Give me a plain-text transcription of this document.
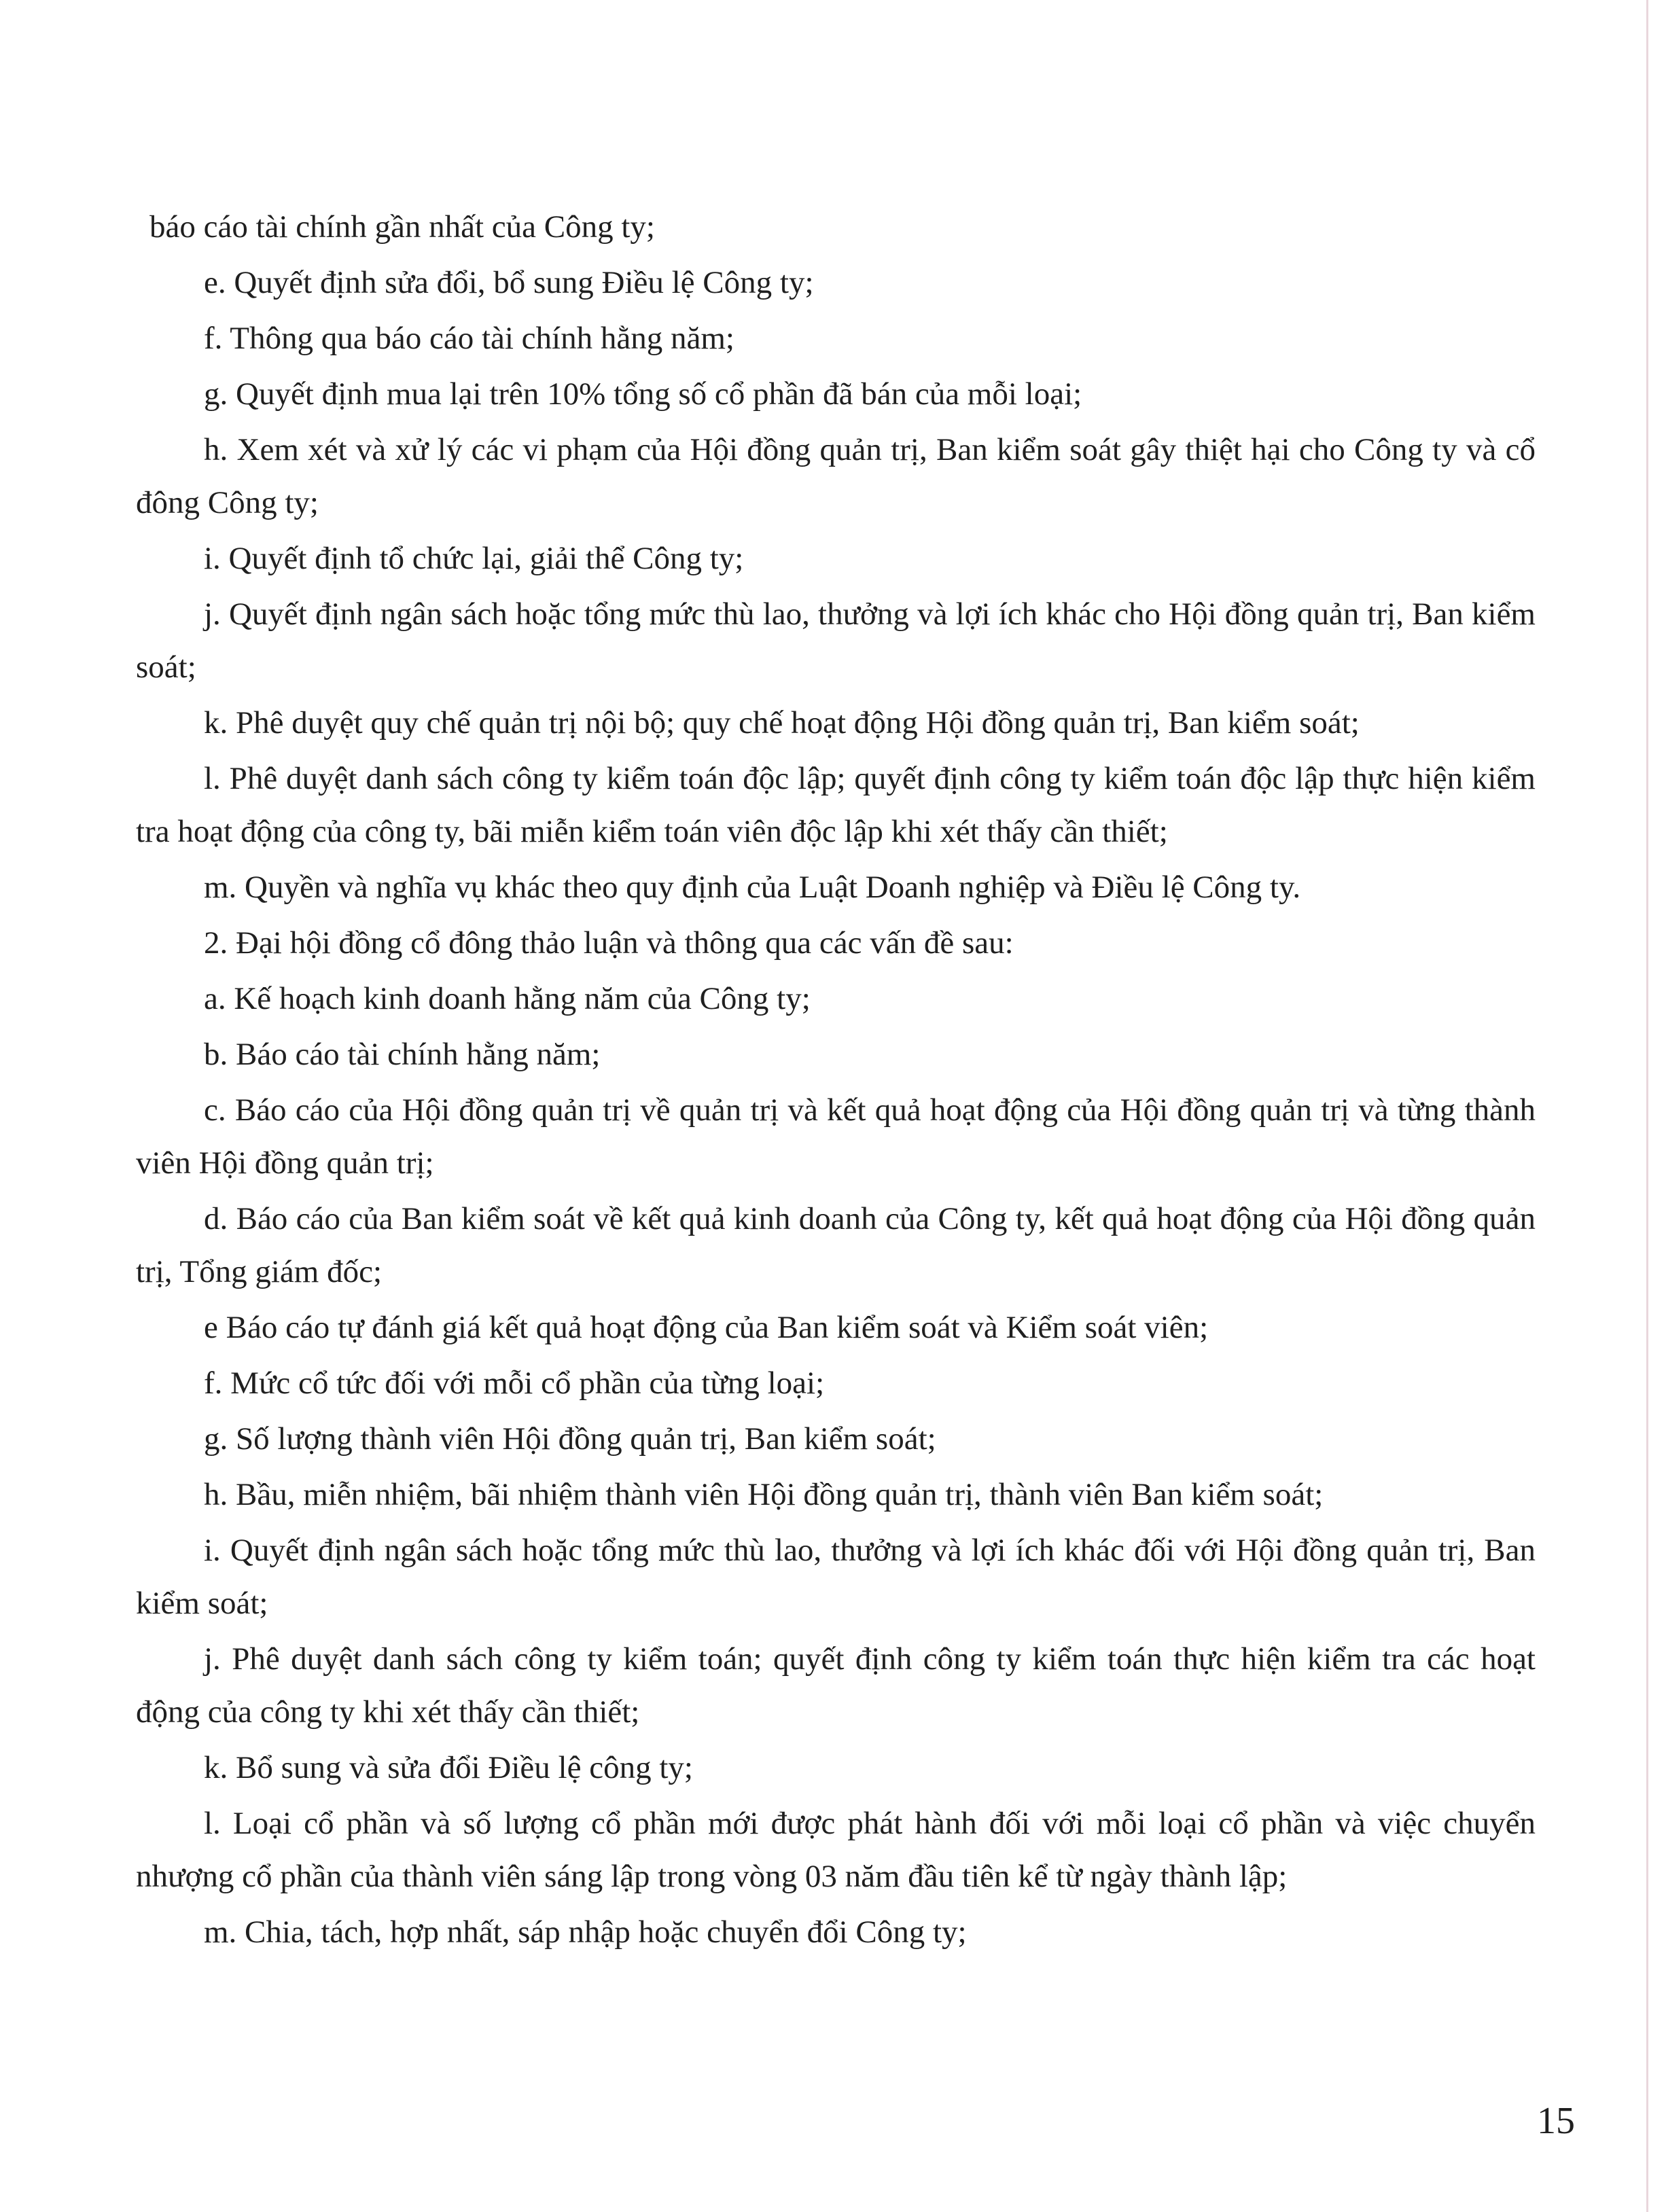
báo cáo tài chính gần nhất của Công ty;

e. Quyết định sửa đổi, bổ sung Điều lệ Công ty;

f. Thông qua báo cáo tài chính hằng năm;

g. Quyết định mua lại trên 10% tổng số cổ phần đã bán của mỗi loại;

h. Xem xét và xử lý các vi phạm của Hội đồng quản trị, Ban kiểm soát gây thiệt hại cho Công ty và cổ đông Công ty;

i. Quyết định tổ chức lại, giải thể Công ty;

j. Quyết định ngân sách hoặc tổng mức thù lao, thưởng và lợi ích khác cho Hội đồng quản trị, Ban kiểm soát;

k. Phê duyệt quy chế quản trị nội bộ; quy chế hoạt động Hội đồng quản trị, Ban kiểm soát;

l. Phê duyệt danh sách công ty kiểm toán độc lập; quyết định công ty kiểm toán độc lập thực hiện kiểm tra hoạt động của công ty, bãi miễn kiểm toán viên độc lập khi xét thấy cần thiết;

m. Quyền và nghĩa vụ khác theo quy định của Luật Doanh nghiệp và Điều lệ Công ty.

2. Đại hội đồng cổ đông thảo luận và thông qua các vấn đề sau:

a. Kế hoạch kinh doanh hằng năm của Công ty;

b. Báo cáo tài chính hằng năm;

c. Báo cáo của Hội đồng quản trị về quản trị và kết quả hoạt động của Hội đồng quản trị và từng thành viên Hội đồng quản trị;

d. Báo cáo của Ban kiểm soát về kết quả kinh doanh của Công ty, kết quả hoạt động của Hội đồng quản trị, Tổng giám đốc;

e Báo cáo tự đánh giá kết quả hoạt động của Ban kiểm soát và Kiểm soát viên;

f. Mức cổ tức đối với mỗi cổ phần của từng loại;

g. Số lượng thành viên Hội đồng quản trị, Ban kiểm soát;

h. Bầu, miễn nhiệm, bãi nhiệm thành viên Hội đồng quản trị, thành viên Ban kiểm soát;

i. Quyết định ngân sách hoặc tổng mức thù lao, thưởng và lợi ích khác đối với Hội đồng quản trị, Ban kiểm soát;

j. Phê duyệt danh sách công ty kiểm toán; quyết định công ty kiểm toán thực hiện kiểm tra các hoạt động của công ty khi xét thấy cần thiết;

k. Bổ sung và sửa đổi Điều lệ công ty;

l. Loại cổ phần và số lượng cổ phần mới được phát hành đối với mỗi loại cổ phần và việc chuyển nhượng cổ phần của thành viên sáng lập trong vòng 03 năm đầu tiên kể từ ngày thành lập;

m. Chia, tách, hợp nhất, sáp nhập hoặc chuyển đổi Công ty;

15
